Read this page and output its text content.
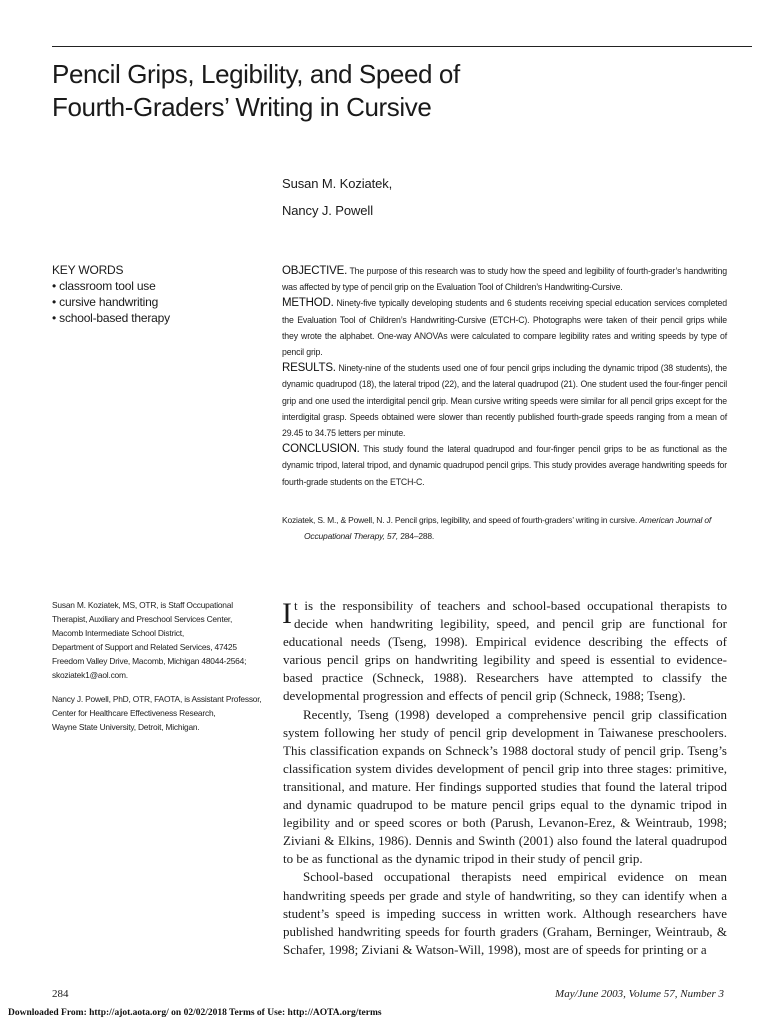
Pencil Grips, Legibility, and Speed of
Fourth-Graders’ Writing in Cursive
Susan M. Koziatek,
Nancy J. Powell
KEY WORDS
• classroom tool use
• cursive handwriting
• school-based therapy

OBJECTIVE. The purpose of this research was to study how the speed and legibility of fourth-grader’s handwriting was affected by type of pencil grip on the Evaluation Tool of Children’s Handwriting-Cursive.

METHOD. Ninety-five typically developing students and 6 students receiving special education services completed the Evaluation Tool of Children’s Handwriting-Cursive (ETCH-C). Photographs were taken of their pencil grips while they wrote the alphabet. One-way ANOVAs were calculated to compare legibility rates and writing speeds by type of pencil grip.

RESULTS. Ninety-nine of the students used one of four pencil grips including the dynamic tripod (38 students), the dynamic quadrupod (18), the lateral tripod (22), and the lateral quadrupod (21). One student used the four-finger pencil grip and one used the interdigital pencil grip. Mean cursive writing speeds were similar for all pencil grips except for the interdigital grasp. Speeds obtained were slower than recently published fourth-grade speeds ranging from a mean of 29.45 to 34.75 letters per minute.

CONCLUSION. This study found the lateral quadrupod and four-finger pencil grips to be as functional as the dynamic tripod, lateral tripod, and dynamic quadrupod pencil grips. This study provides average handwriting speeds for fourth-grade students on the ETCH-C.

Koziatek, S. M., & Powell, N. J. Pencil grips, legibility, and speed of fourth-graders’ writing in cursive. American Journal of Occupational Therapy, 57, 284–288.

Susan M. Koziatek, MS, OTR, is Staff Occupational
Therapist, Auxiliary and Preschool Services Center,
Macomb Intermediate School District,
Department of Support and Related Services, 47425
Freedom Valley Drive, Macomb, Michigan 48044-2564;
skoziatek1@aol.com.

Nancy J. Powell, PhD, OTR, FAOTA, is Assistant Professor,
Center for Healthcare Effectiveness Research,
Wayne State University, Detroit, Michigan.

It is the responsibility of teachers and school-based occupational therapists to decide when handwriting legibility, speed, and pencil grip are functional for educational needs (Tseng, 1998). Empirical evidence describing the effects of various pencil grips on handwriting legibility and speed is essential to evidence-based practice (Schneck, 1988). Researchers have attempted to classify the developmental progression and effects of pencil grip (Schneck, 1988; Tseng).

Recently, Tseng (1998) developed a comprehensive pencil grip classification system following her study of pencil grip development in Taiwanese preschoolers. This classification expands on Schneck’s 1988 doctoral study of pencil grip. Tseng’s classification system divides development of pencil grip into three stages: primitive, transitional, and mature. Her findings supported studies that found the lateral tripod and dynamic quadrupod to be mature pencil grips equal to the dynamic tripod in legibility and or speed scores or both (Parush, Levanon-Erez, & Weintraub, 1998; Ziviani & Elkins, 1986). Dennis and Swinth (2001) also found the lateral quadrupod to be as functional as the dynamic tripod in their study of pencil grip.

School-based occupational therapists need empirical evidence on mean handwriting speeds per grade and style of handwriting, so they can identify when a student’s speed is impeding success in written work. Although researchers have published handwriting speeds for fourth graders (Graham, Berninger, Weintraub, & Schafer, 1998; Ziviani & Watson-Will, 1998), most are of speeds for printing or a

284	May/June 2003, Volume 57, Number 3
Downloaded From: http://ajot.aota.org/ on 02/02/2018 Terms of Use: http://AOTA.org/terms
